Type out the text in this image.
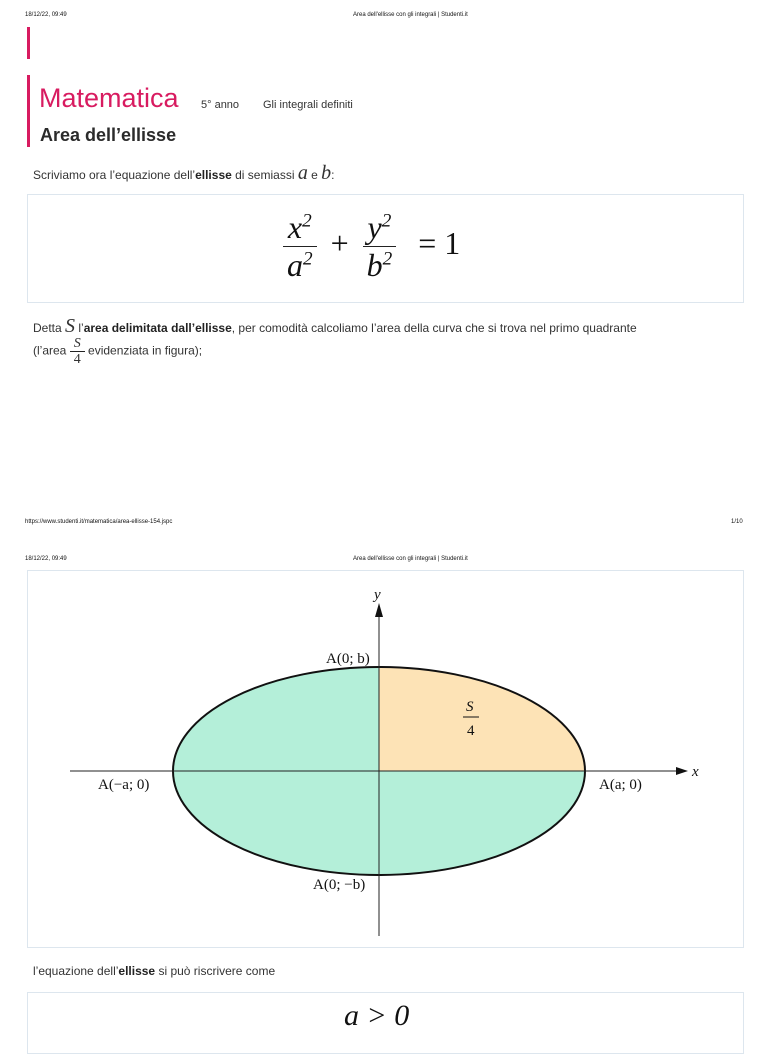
18/12/22, 09:49	Area dell'ellisse con gli integrali | Studenti.it
Matematica 5° anno Gli integrali definiti
Area dell’ellisse
Scriviamo ora l’equazione dell’ellisse di semiassi a e b:
$\frac{x^2}{a^2} + \frac{y^2}{b^2} = 1$
Detta S l’area delimitata dall’ellisse, per comodità calcoliamo l’area della curva che si trova nel primo quadrante
(l’area $\frac{S}{4}$ evidenziata in figura);
https://www.studenti.it/matematica/area-ellisse-154.jspc	1/10
18/12/22, 09:49	Area dell'ellisse con gli integrali | Studenti.it
x
y
A(0; b)
A(0; −b)
A(−a; 0)	A(a; 0)
S
4
l’equazione dell’ellisse si può riscrivere come
a > 0
